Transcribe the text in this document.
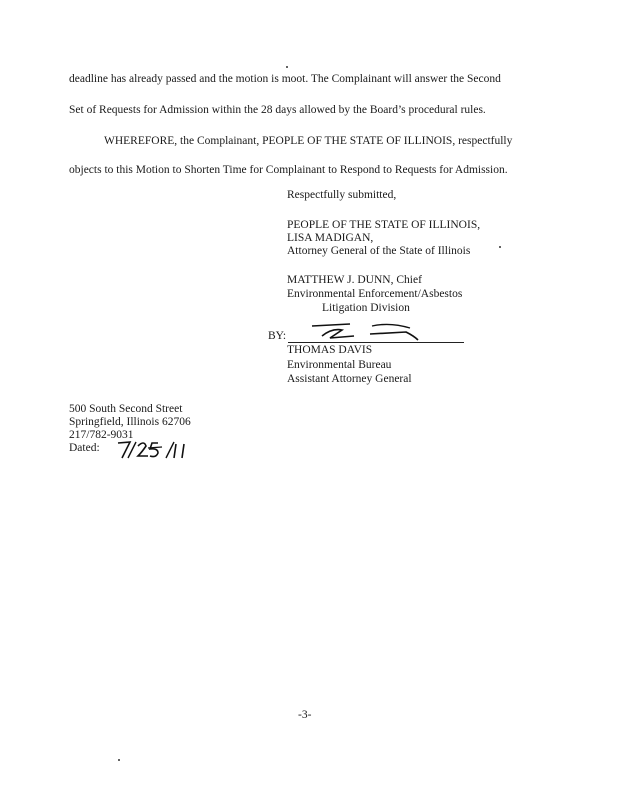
deadline has already passed and the motion is moot. The Complainant will answer the Second
Set of Requests for Admission within the 28 days allowed by the Board’s procedural rules.
WHEREFORE, the Complainant, PEOPLE OF THE STATE OF ILLINOIS, respectfully
objects to this Motion to Shorten Time for Complainant to Respond to Requests for Admission.
Respectfully submitted,
PEOPLE OF THE STATE OF ILLINOIS,
LISA MADIGAN,
Attorney General of the State of Illinois
MATTHEW J. DUNN, Chief
Environmental Enforcement/Asbestos
Litigation Division
BY:
THOMAS DAVIS
Environmental Bureau
Assistant Attorney General
500 South Second Street
Springfield, Illinois 62706
217/782-9031
Dated:
-3-
